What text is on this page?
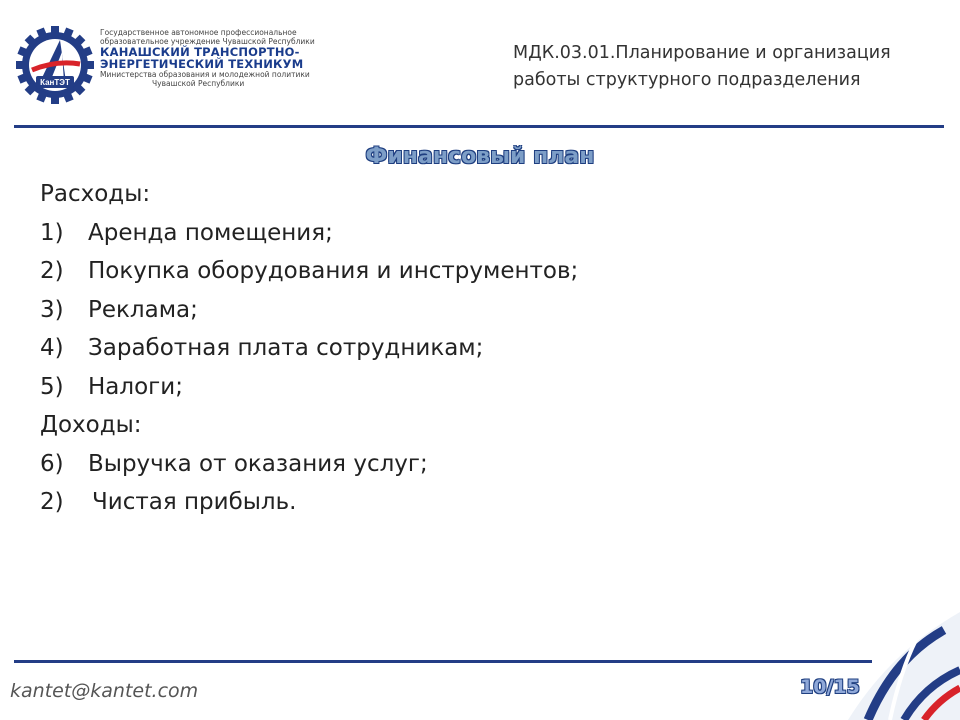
КанТЭТ
Государственное автономное профессиональное
образовательное учреждение Чувашской Республики
КАНАШСКИЙ ТРАНСПОРТНО-
ЭНЕРГЕТИЧЕСКИЙ ТЕХНИКУМ
Министерства образования и молодежной политики
Чувашской Республики
МДК.03.01.Планирование и организация
работы структурного подразделения
Финансовый план
Расходы:
1) Аренда помещения;
2) Покупка оборудования и инструментов;
3) Реклама;
4) Заработная плата сотрудникам;
5) Налоги;
Доходы:
6) Выручка от оказания услуг;
2) Чистая прибыль.
kantet@kantet.com	10/15
